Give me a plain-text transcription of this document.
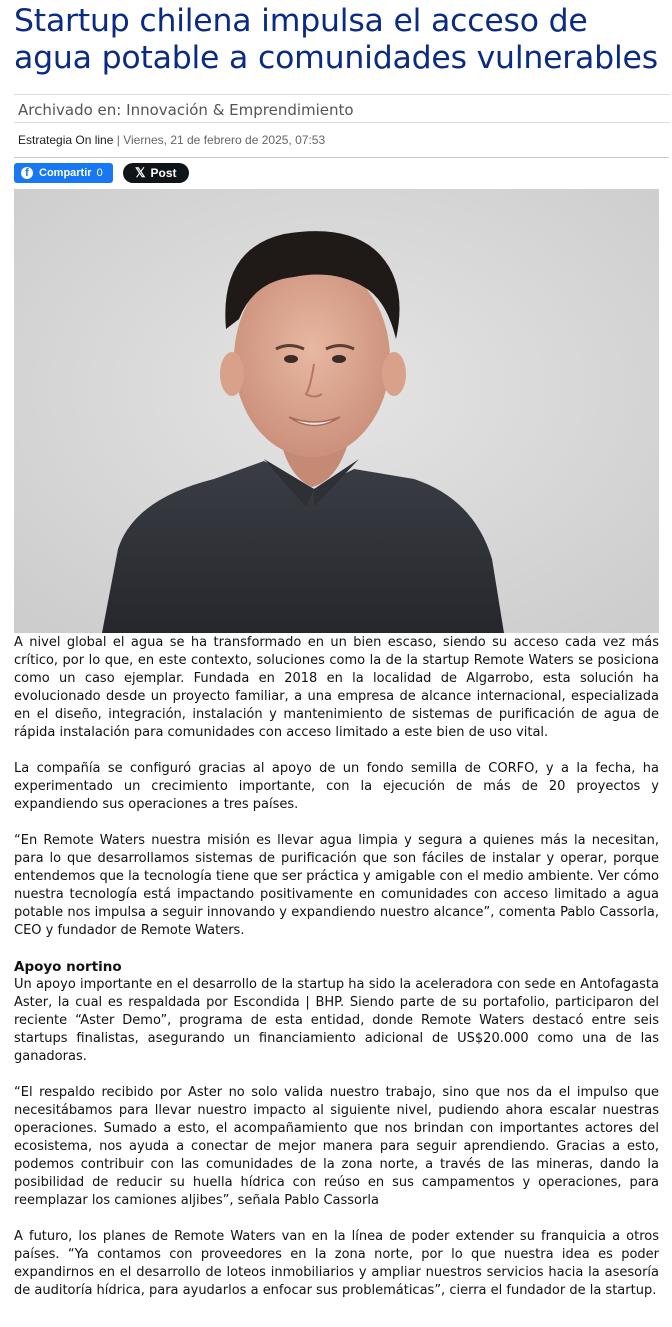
Startup chilena impulsa el acceso de agua potable a comunidades vulnerables
Archivado en: Innovación & Emprendimiento
Estrategia On line | Viernes, 21 de febrero de 2025, 07:53
f Compartir 0 𝕏 Post

A nivel global el agua se ha transformado en un bien escaso, siendo su acceso cada vez más crítico, por lo que, en este contexto, soluciones como la de la startup Remote Waters se posiciona como un caso ejemplar. Fundada en 2018 en la localidad de Algarrobo, esta solución ha evolucionado desde un proyecto familiar, a una empresa de alcance internacional, especializada en el diseño, integración, instalación y mantenimiento de sistemas de purificación de agua de rápida instalación para comunidades con acceso limitado a este bien de uso vital.

La compañía se configuró gracias al apoyo de un fondo semilla de CORFO, y a la fecha, ha experimentado un crecimiento importante, con la ejecución de más de 20 proyectos y expandiendo sus operaciones a tres países.

“En Remote Waters nuestra misión es llevar agua limpia y segura a quienes más la necesitan, para lo que desarrollamos sistemas de purificación que son fáciles de instalar y operar, porque entendemos que la tecnología tiene que ser práctica y amigable con el medio ambiente. Ver cómo nuestra tecnología está impactando positivamente en comunidades con acceso limitado a agua potable nos impulsa a seguir innovando y expandiendo nuestro alcance”, comenta Pablo Cassorla, CEO y fundador de Remote Waters.

Apoyo nortino

Un apoyo importante en el desarrollo de la startup ha sido la aceleradora con sede en Antofagasta Aster, la cual es respaldada por Escondida | BHP. Siendo parte de su portafolio, participaron del reciente “Aster Demo”, programa de esta entidad, donde Remote Waters destacó entre seis startups finalistas, asegurando un financiamiento adicional de US$20.000 como una de las ganadoras.

“El respaldo recibido por Aster no solo valida nuestro trabajo, sino que nos da el impulso que necesitábamos para llevar nuestro impacto al siguiente nivel, pudiendo ahora escalar nuestras operaciones. Sumado a esto, el acompañamiento que nos brindan con importantes actores del ecosistema, nos ayuda a conectar de mejor manera para seguir aprendiendo. Gracias a esto, podemos contribuir con las comunidades de la zona norte, a través de las mineras, dando la posibilidad de reducir su huella hídrica con reúso en sus campamentos y operaciones, para reemplazar los camiones aljibes”, señala Pablo Cassorla

A futuro, los planes de Remote Waters van en la línea de poder extender su franquicia a otros países. “Ya contamos con proveedores en la zona norte, por lo que nuestra idea es poder expandirnos en el desarrollo de loteos inmobiliarios y ampliar nuestros servicios hacia la asesoría de auditoría hídrica, para ayudarlos a enfocar sus problemáticas”, cierra el fundador de la startup.
